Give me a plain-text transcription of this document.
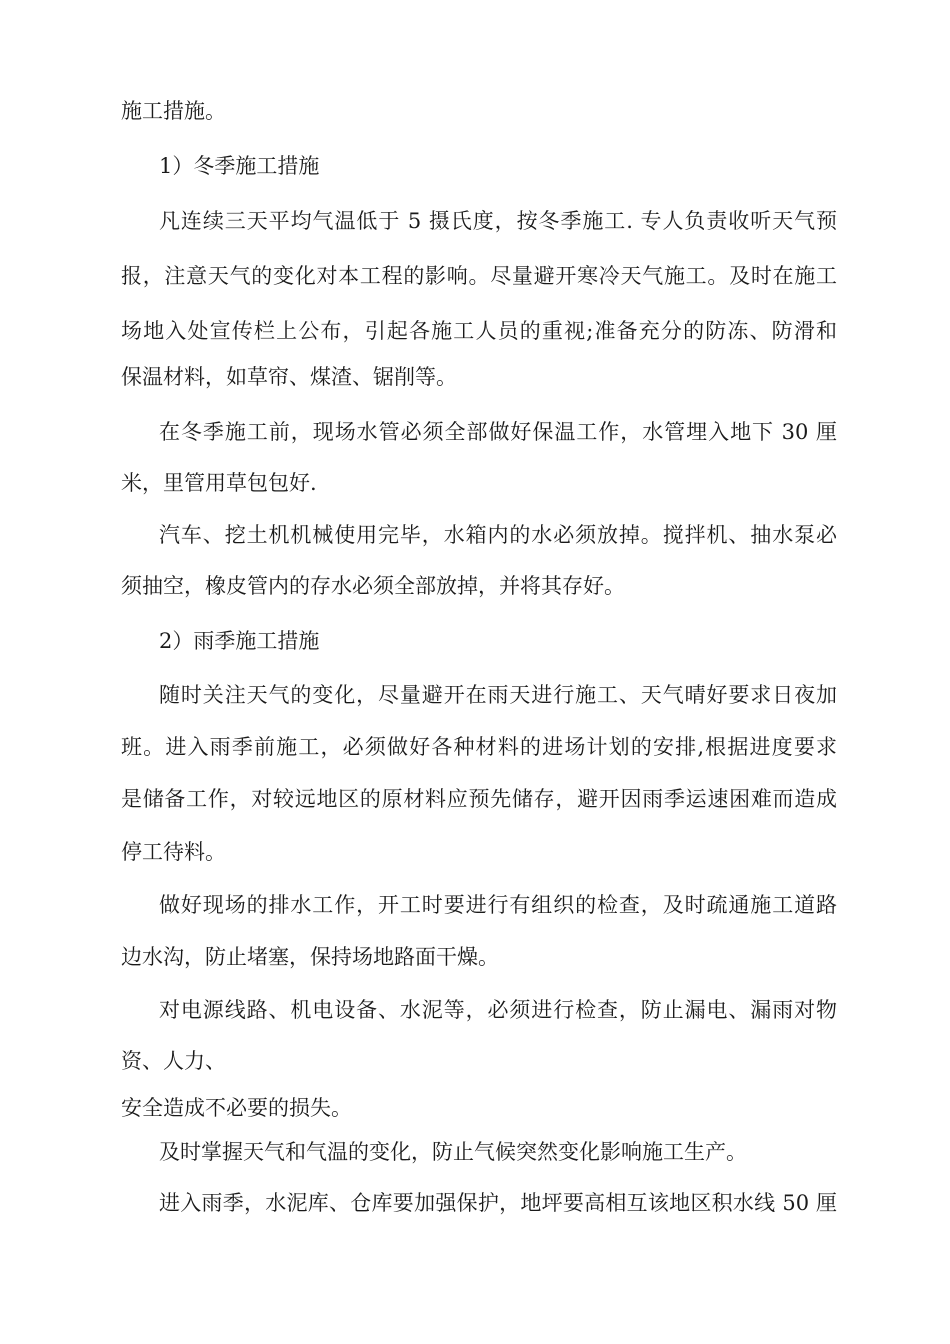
施工措施。
1）冬季施工措施
凡连续三天平均气温低于 5 摄氏度，按冬季施工. 专人负责收听天气预
报，注意天气的变化对本工程的影响。尽量避开寒冷天气施工。及时在施工
场地入处宣传栏上公布，引起各施工人员的重视;准备充分的防冻、防滑和
保温材料，如草帘、煤渣、锯削等。
在冬季施工前，现场水管必须全部做好保温工作，水管埋入地下 30 厘
米，里管用草包包好.
汽车、挖土机机械使用完毕，水箱内的水必须放掉。搅拌机、抽水泵必
须抽空，橡皮管内的存水必须全部放掉，并将其存好。
2）雨季施工措施
随时关注天气的变化，尽量避开在雨天进行施工、天气晴好要求日夜加
班。进入雨季前施工，必须做好各种材料的进场计划的安排,根据进度要求
是储备工作，对较远地区的原材料应预先储存，避开因雨季运速困难而造成
停工待料。
做好现场的排水工作，开工时要进行有组织的检查，及时疏通施工道路
边水沟，防止堵塞，保持场地路面干燥。
对电源线路、机电设备、水泥等，必须进行检查，防止漏电、漏雨对物
资、人力、
安全造成不必要的损失。
及时掌握天气和气温的变化，防止气候突然变化影响施工生产。
进入雨季，水泥库、仓库要加强保护，地坪要高相互该地区积水线 50 厘
